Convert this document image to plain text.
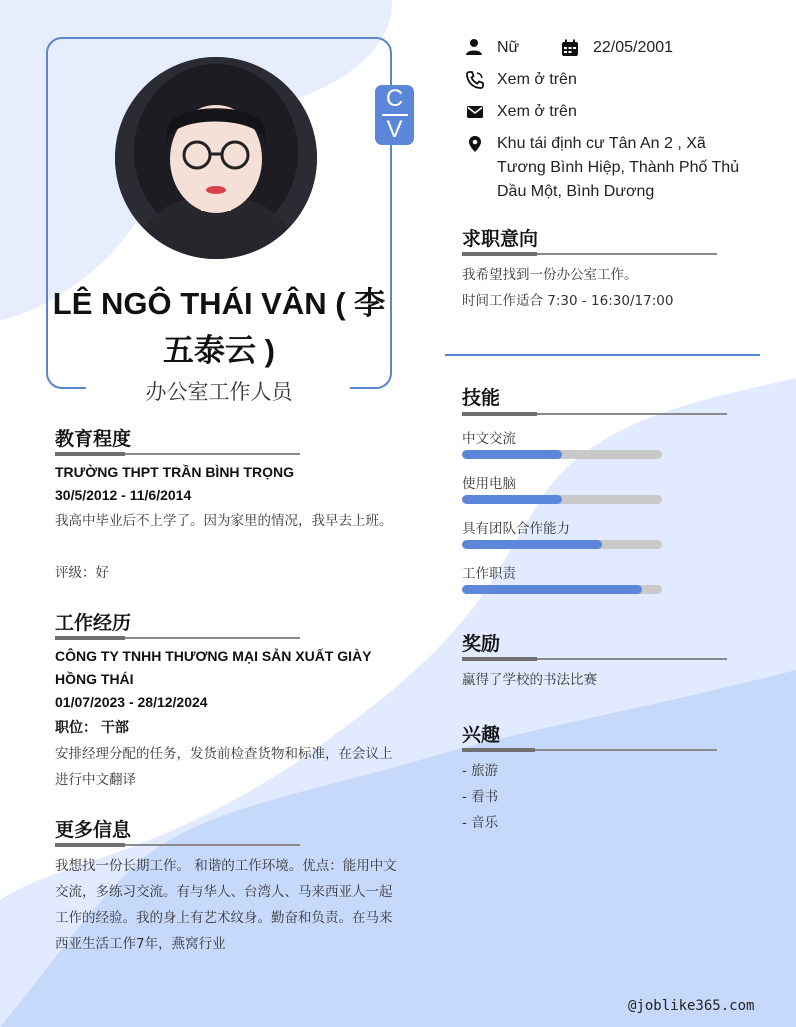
C
V
LÊ NGÔ THÁI VÂN ( 李五泰云 )
办公室工作人员
教育程度
TRƯỜNG THPT TRẦN BÌNH TRỌNG
30/5/2012 - 11/6/2014
我高中毕业后不上学了。因为家里的情况，我早去上班。
评级：好
工作经历
CÔNG TY TNHH THƯƠNG MẠI SẢN XUẤT GIÀY HỒNG THÁI
01/07/2023 - 28/12/2024
职位： 干部
安排经理分配的任务，发货前检查货物和标准，在会议上进行中文翻译
更多信息
我想找一份长期工作。 和谐的工作环境。优点：能用中文交流，多练习交流。有与华人、台湾人、马来西亚人一起工作的经验。我的身上有艺术纹身。勤奋和负责。在马来西亚生活工作7年，燕窝行业
Nữ	22/05/2001
Xem ở trên
Xem ở trên
Khu tái định cư Tân An 2 , Xã Tương Bình Hiệp, Thành Phố Thủ Dầu Một, Bình Dương
求职意向
我希望找到一份办公室工作。
时间工作适合 7:30 - 16:30/17:00
技能
中文交流
使用电脑
具有团队合作能力
工作职责
奖励
赢得了学校的书法比赛
兴趣
- 旅游
- 看书
- 音乐
@joblike365.com
